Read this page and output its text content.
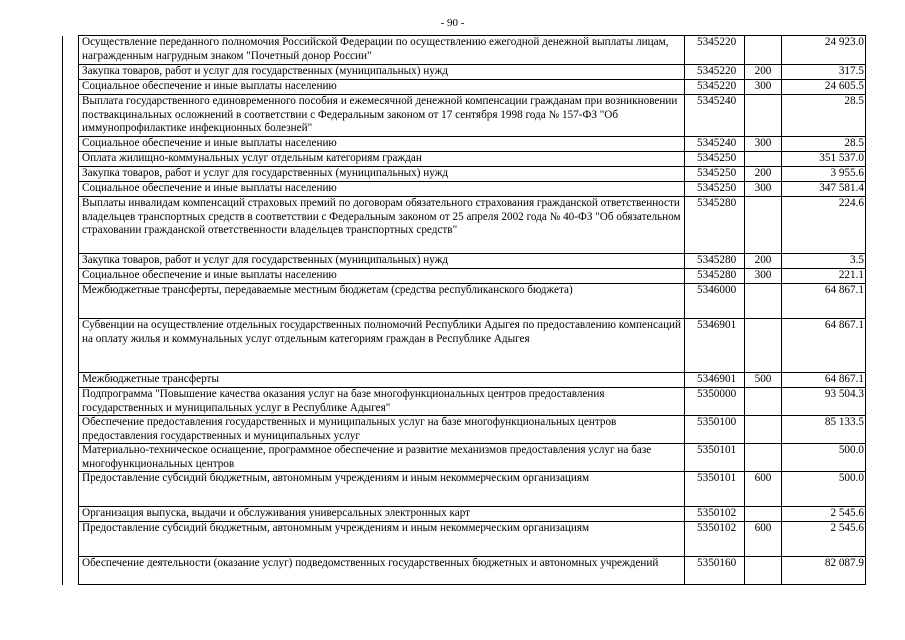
- 90 -
	Осуществление переданного полномочия Российской Федерации по осуществлению ежегодной денежной выплаты лицам, награжденным нагрудным знаком "Почетный донор России"	5345220		24 923.0
	Закупка товаров, работ и услуг для государственных (муниципальных) нужд	5345220	200	317.5
	Социальное обеспечение и иные выплаты населению	5345220	300	24 605.5
	Выплата государственного единовременного пособия и ежемесячной денежной компенсации гражданам при возникновении поствакцинальных осложнений в соответствии с Федеральным законом от 17 сентября 1998 года № 157-ФЗ "Об иммунопрофилактике инфекционных болезней"	5345240		28.5
	Социальное обеспечение и иные выплаты населению	5345240	300	28.5
	Оплата жилищно-коммунальных услуг отдельным категориям граждан	5345250		351 537.0
	Закупка товаров, работ и услуг для государственных (муниципальных) нужд	5345250	200	3 955.6
	Социальное обеспечение и иные выплаты населению	5345250	300	347 581.4
	Выплаты инвалидам компенсаций страховых премий по договорам обязательного страхования гражданской ответственности владельцев транспортных средств в соответствии с Федеральным законом от 25 апреля 2002 года № 40-ФЗ "Об обязательном страховании гражданской ответственности владельцев транспортных средств"	5345280		224.6
	Закупка товаров, работ и услуг для государственных (муниципальных) нужд	5345280	200	3.5
	Социальное обеспечение и иные выплаты населению	5345280	300	221.1
	Межбюджетные трансферты, передаваемые местным бюджетам (средства республиканского бюджета)	5346000		64 867.1
	Субвенции на осуществление отдельных государственных полномочий Республики Адыгея по предоставлению компенсаций на оплату жилья и коммунальных услуг отдельным категориям граждан в Республике Адыгея	5346901		64 867.1
	Межбюджетные трансферты	5346901	500	64 867.1
	Подпрограмма "Повышение качества оказания услуг на базе многофункциональных центров предоставления государственных и муниципальных услуг в Республике Адыгея"	5350000		93 504.3
	Обеспечение предоставления государственных и муниципальных услуг на базе многофункциональных центров предоставления государственных и муниципальных услуг	5350100		85 133.5
	Материально-техническое оснащение, программное обеспечение и развитие механизмов предоставления услуг на базе многофункциональных центров	5350101		500.0
	Предоставление субсидий бюджетным, автономным учреждениям и иным некоммерческим организациям	5350101	600	500.0
	Организация выпуска, выдачи и обслуживания универсальных электронных карт	5350102		2 545.6
	Предоставление субсидий бюджетным, автономным учреждениям и иным некоммерческим организациям	5350102	600	2 545.6
	Обеспечение деятельности (оказание услуг) подведомственных государственных бюджетных и автономных учреждений	5350160		82 087.9
